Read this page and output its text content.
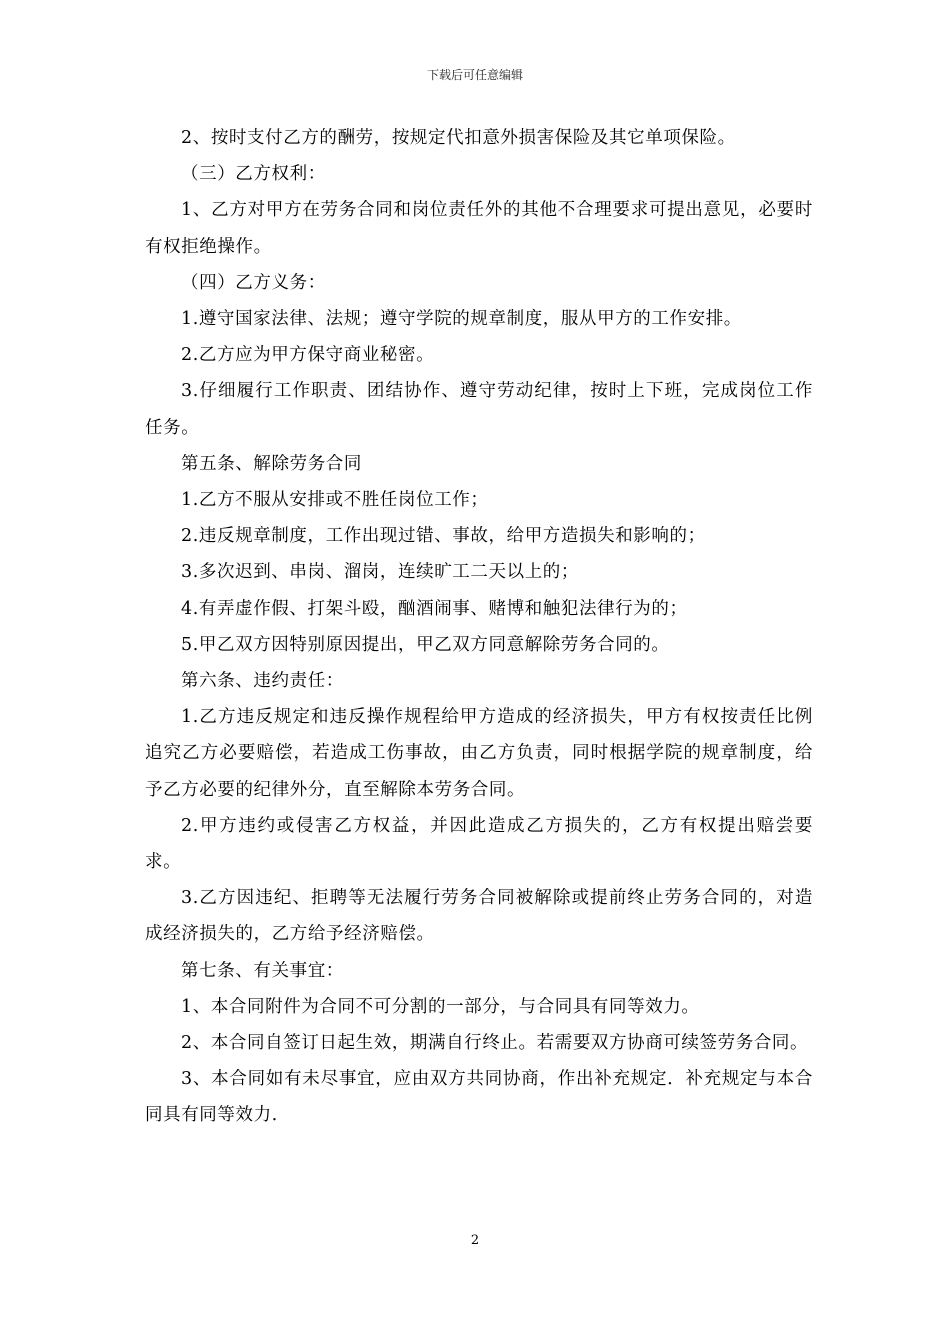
下载后可任意编辑

2、按时支付乙方的酬劳，按规定代扣意外损害保险及其它单项保险。

（三）乙方权利：

1、乙方对甲方在劳务合同和岗位责任外的其他不合理要求可提出意见，必要时有权拒绝操作。

（四）乙方义务：

1.遵守国家法律、法规；遵守学院的规章制度，服从甲方的工作安排。

2.乙方应为甲方保守商业秘密。

3.仔细履行工作职责、团结协作、遵守劳动纪律，按时上下班，完成岗位工作任务。

第五条、解除劳务合同

1.乙方不服从安排或不胜任岗位工作；

2.违反规章制度，工作出现过错、事故，给甲方造损失和影响的；

3.多次迟到、串岗、溜岗，连续旷工二天以上的；

4.有弄虚作假、打架斗殴，酗酒闹事、赌博和触犯法律行为的；

5.甲乙双方因特别原因提出，甲乙双方同意解除劳务合同的。

第六条、违约责任：

1.乙方违反规定和违反操作规程给甲方造成的经济损失，甲方有权按责任比例追究乙方必要赔偿，若造成工伤事故，由乙方负责，同时根据学院的规章制度，给予乙方必要的纪律外分，直至解除本劳务合同。

2.甲方违约或侵害乙方权益，并因此造成乙方损失的，乙方有权提出赔尝要求。

3.乙方因违纪、拒聘等无法履行劳务合同被解除或提前终止劳务合同的，对造成经济损失的，乙方给予经济赔偿。

第七条、有关事宜：

1、本合同附件为合同不可分割的一部分，与合同具有同等效力。

2、本合同自签订日起生效，期满自行终止。若需要双方协商可续签劳务合同。

3、本合同如有未尽事宜，应由双方共同协商，作出补充规定．补充规定与本合同具有同等效力．

2
